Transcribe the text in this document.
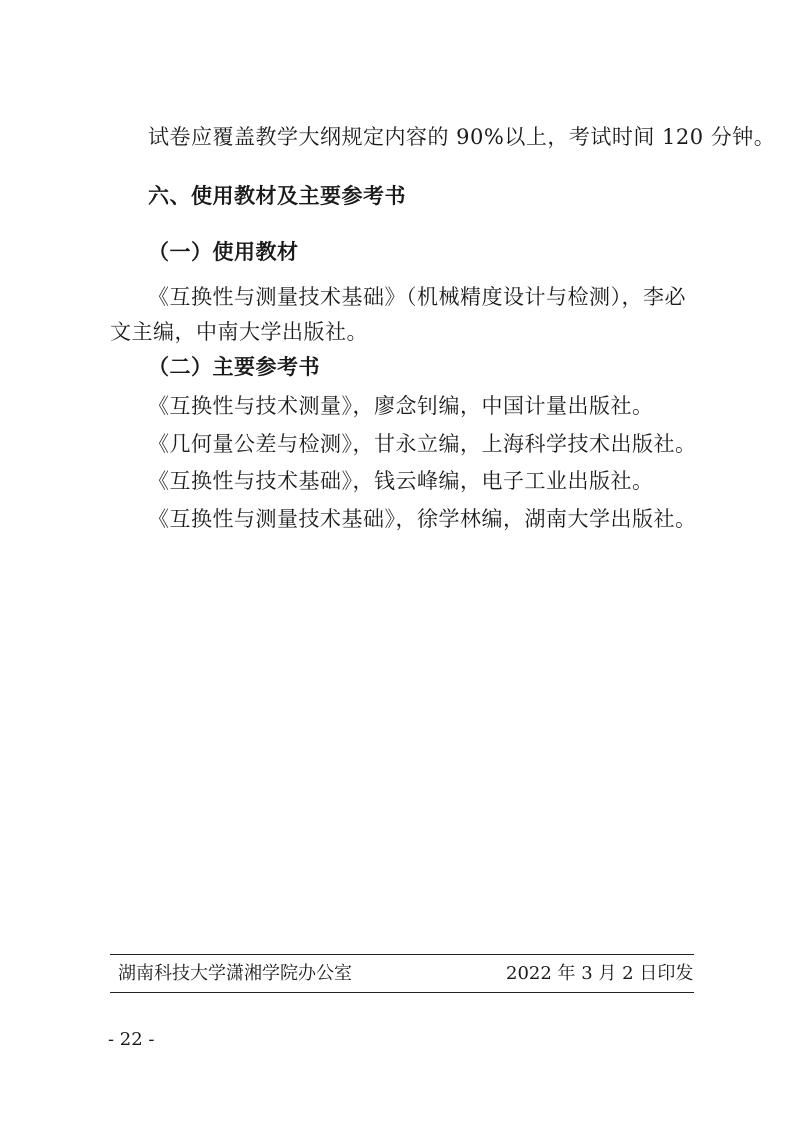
试卷应覆盖教学大纲规定内容的 90%以上，考试时间 120 分钟。
六、使用教材及主要参考书
（一）使用教材
《互换性与测量技术基础》（机械精度设计与检测），李必
文主编，中南大学出版社。
（二）主要参考书
《互换性与技术测量》，廖念钊编，中国计量出版社。
《几何量公差与检测》，甘永立编，上海科学技术出版社。
《互换性与技术基础》，钱云峰编，电子工业出版社。
《互换性与测量技术基础》，徐学林编，湖南大学出版社。
湖南科技大学潇湘学院办公室	2022 年 3 月 2 日印发
- 22 -
